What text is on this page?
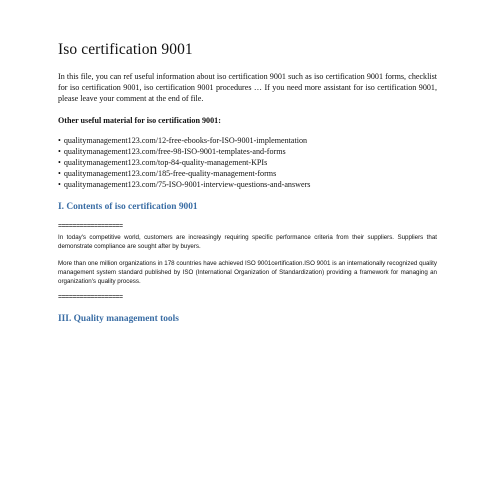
Iso certification 9001

In this file, you can ref useful information about iso certification 9001 such as iso certification 9001 forms, checklist for iso certification 9001, iso certification 9001 procedures … If you need more assistant for iso certification 9001, please leave your comment at the end of file.

Other useful material for iso certification 9001:

• qualitymanagement123.com/12-free-ebooks-for-ISO-9001-implementation
• qualitymanagement123.com/free-98-ISO-9001-templates-and-forms
• qualitymanagement123.com/top-84-quality-management-KPIs
• qualitymanagement123.com/185-free-quality-management-forms
• qualitymanagement123.com/75-ISO-9001-interview-questions-and-answers
I. Contents of iso certification 9001

==================

In today's competitive world, customers are increasingly requiring specific performance criteria from their suppliers. Suppliers that demonstrate compliance are sought after by buyers.

More than one million organizations in 178 countries have achieved ISO 9001certification.ISO 9001 is an internationally recognized quality management system standard published by ISO (International Organization of Standardization) providing a framework for managing an organization's quality process.

==================

III. Quality management tools
